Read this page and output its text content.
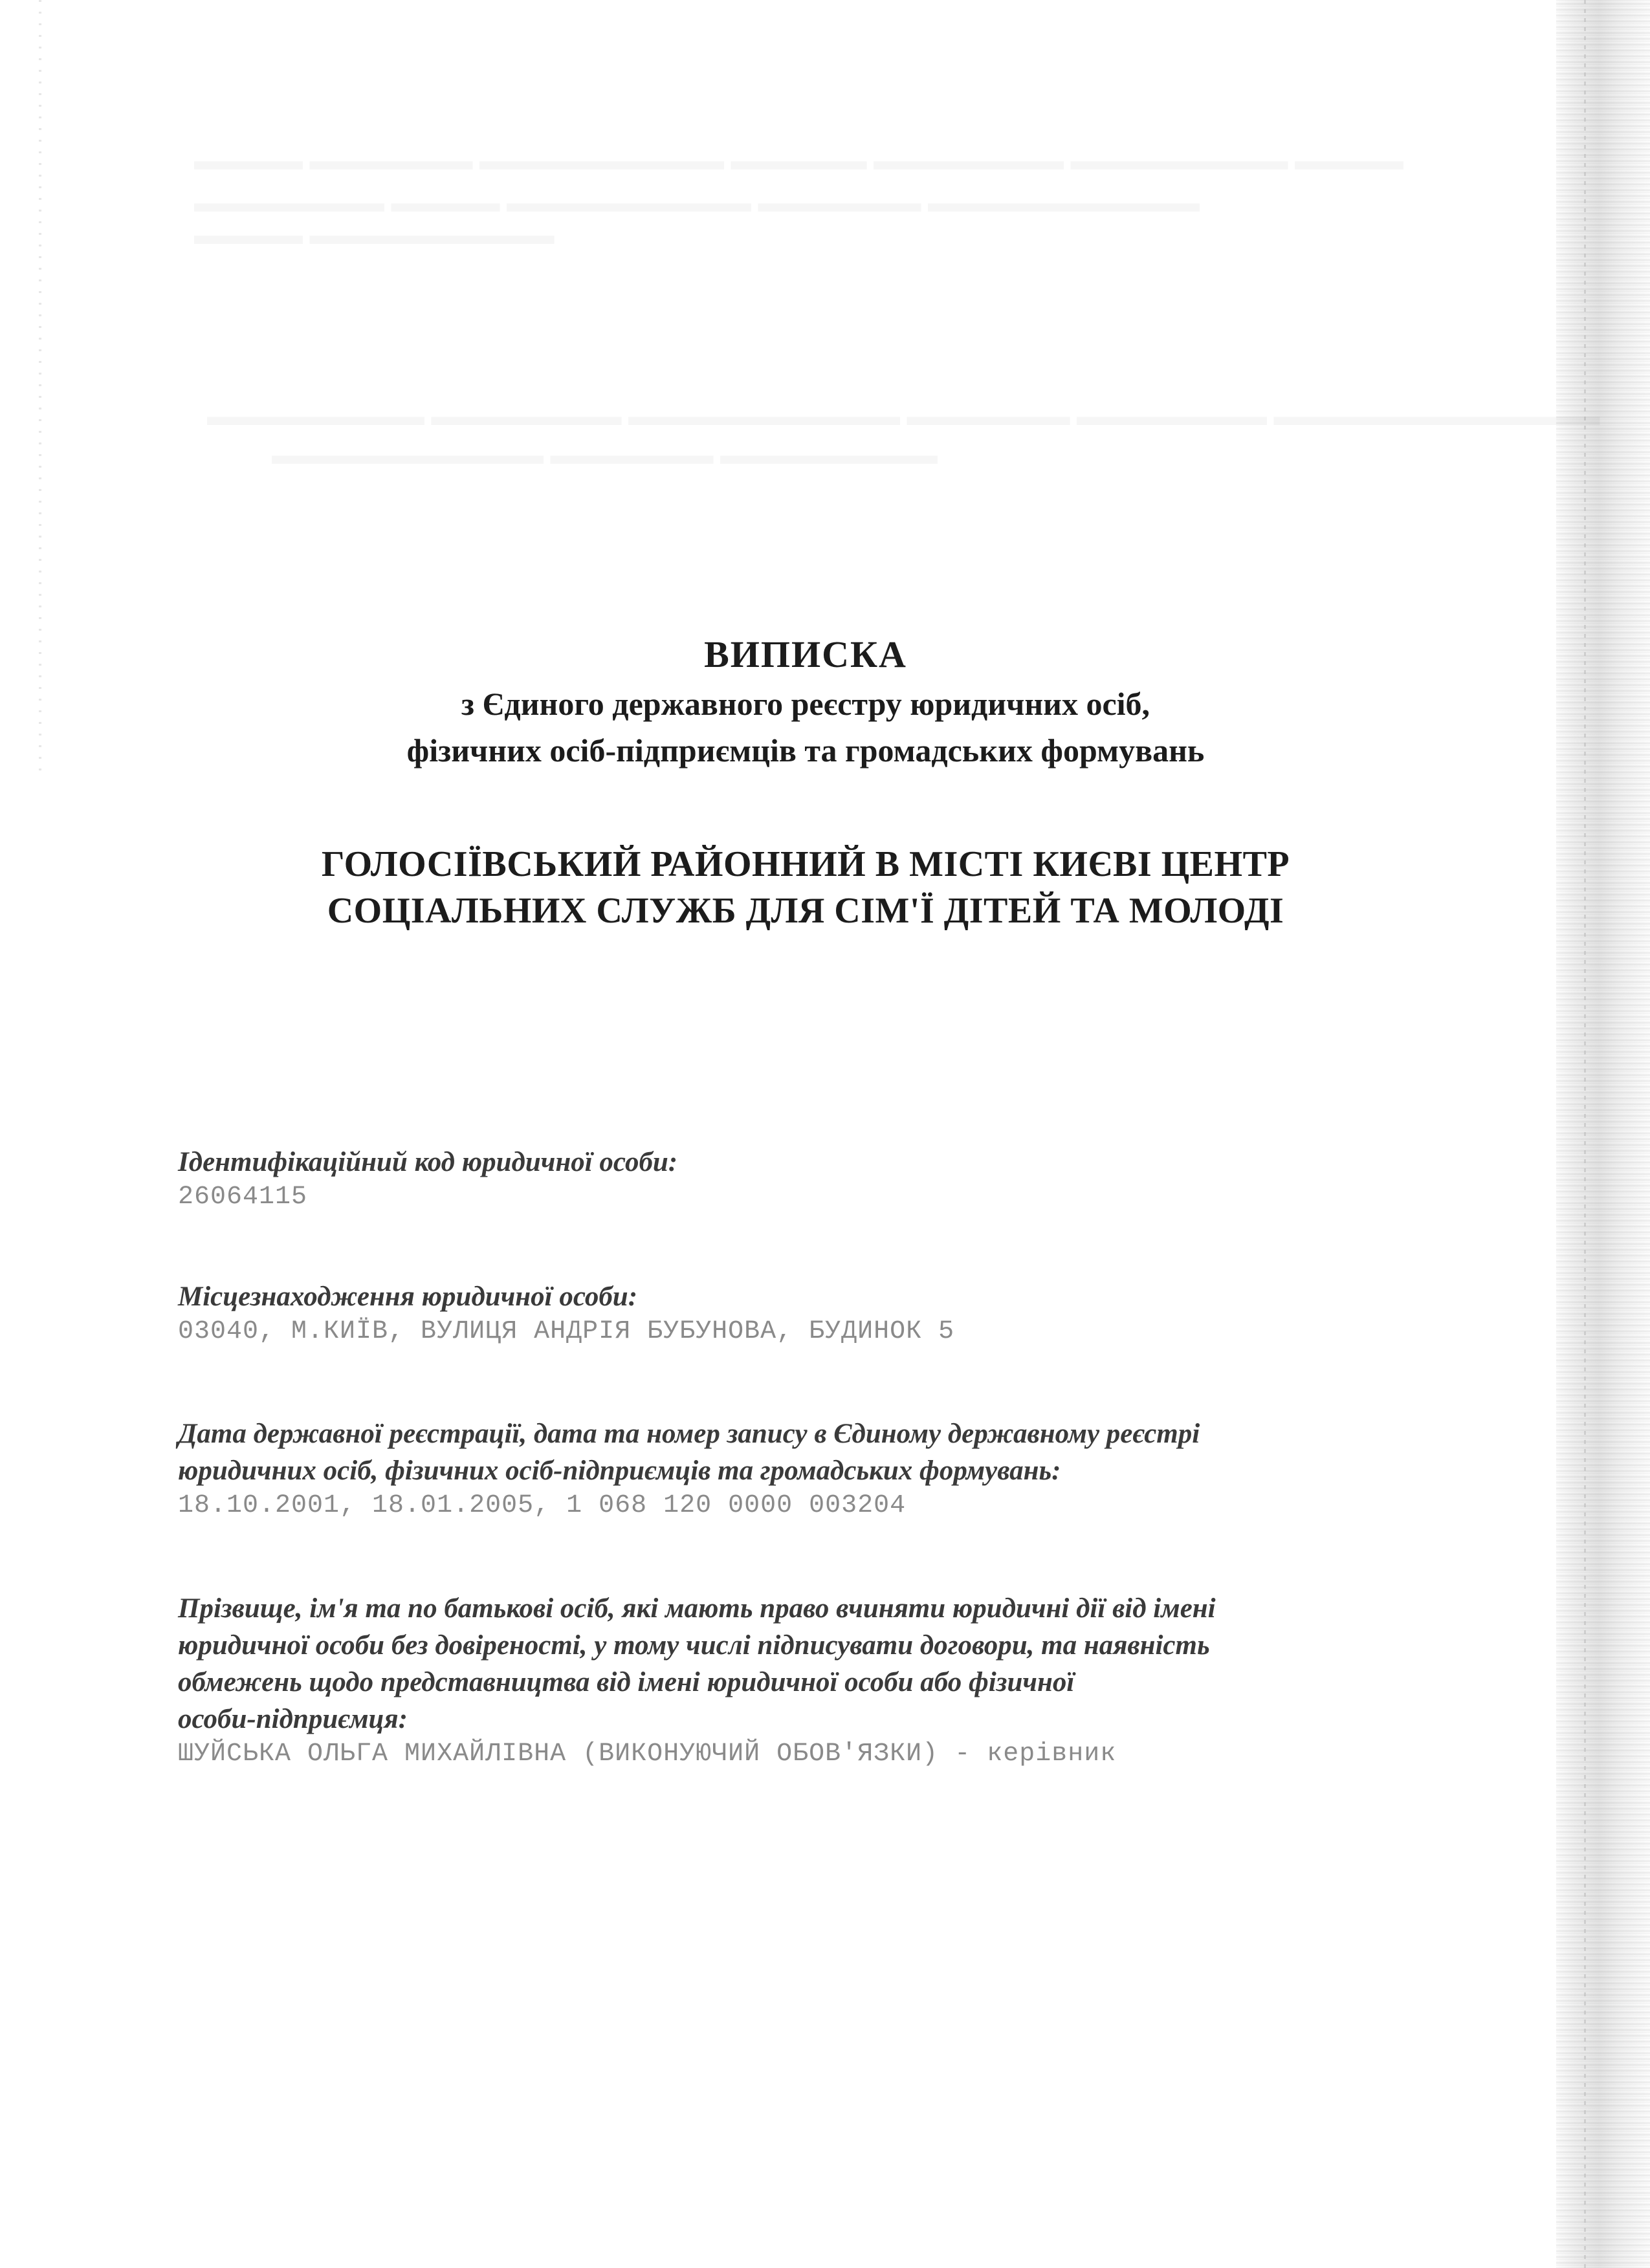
ВИПИСКА
з Єдиного державного реєстру юридичних осіб,
фізичних осіб-підприємців та громадських формувань
ГОЛОСІЇВСЬКИЙ РАЙОННИЙ В МІСТІ КИЄВІ ЦЕНТР
СОЦІАЛЬНИХ СЛУЖБ ДЛЯ СІМ'Ї ДІТЕЙ ТА МОЛОДІ
Ідентифікаційний код юридичної особи:
26064115
Місцезнаходження юридичної особи:
03040, М.КИЇВ, ВУЛИЦЯ АНДРІЯ БУБУНОВА, БУДИНОК 5
Дата державної реєстрації, дата та номер запису в Єдиному державному реєстрі
юридичних осіб, фізичних осіб-підприємців та громадських формувань:
18.10.2001, 18.01.2005, 1 068 120 0000 003204
Прізвище, ім'я та по батькові осіб, які мають право вчиняти юридичні дії від імені
юридичної особи без довіреності, у тому числі підписувати договори, та наявність
обмежень щодо представництва від імені юридичної особи або фізичної
особи-підприємця:
ШУЙСЬКА ОЛЬГА МИХАЙЛІВНА (ВИКОНУЮЧИЙ ОБОВ'ЯЗКИ) - керівник
